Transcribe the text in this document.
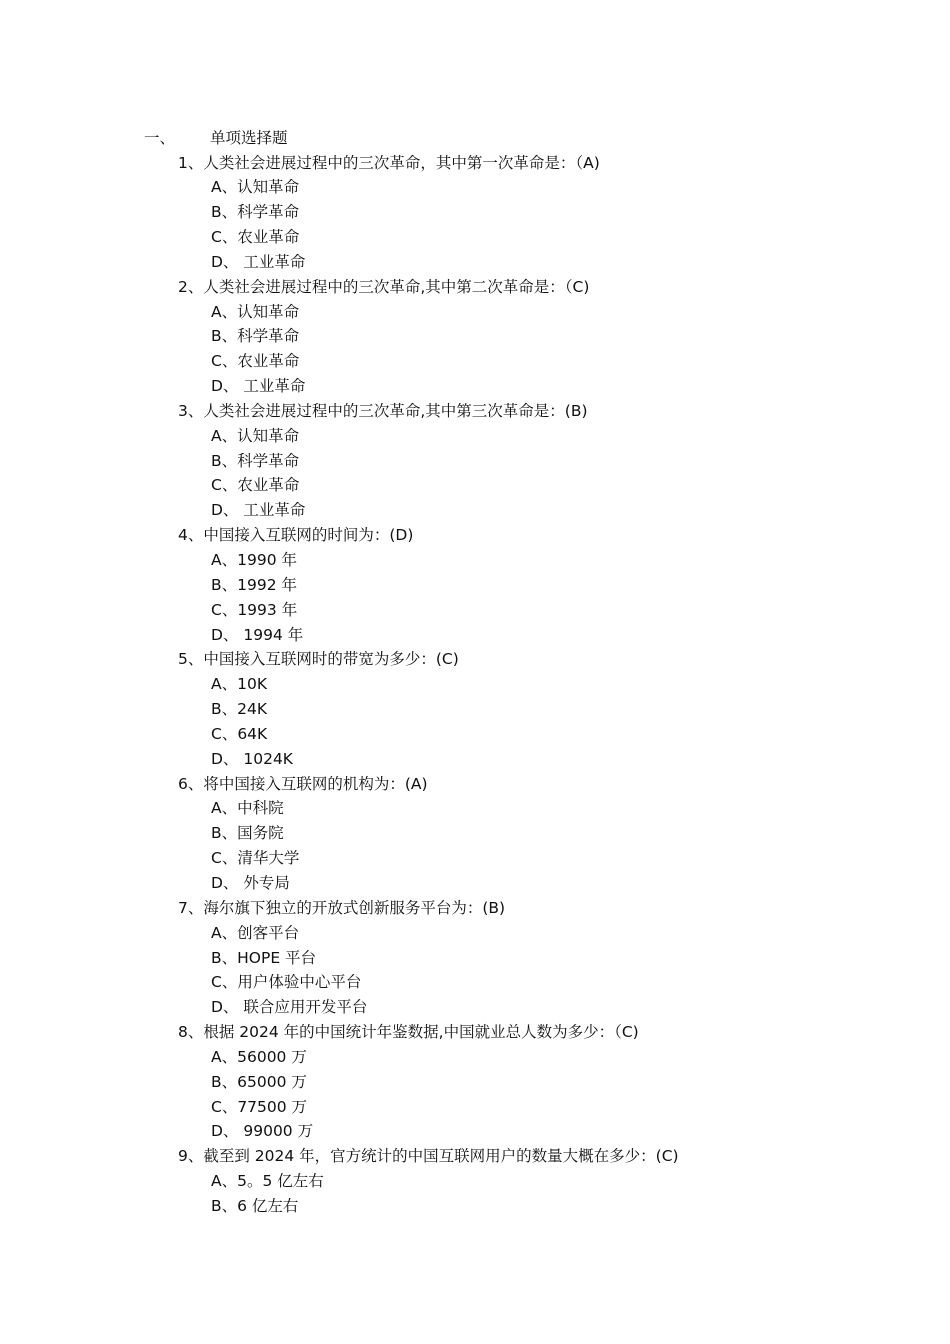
一、 单项选择题
1、人类社会进展过程中的三次革命，其中第一次革命是：（A)
A、认知革命
B、科学革命
C、农业革命
D、 工业革命
2、人类社会进展过程中的三次革命,其中第二次革命是：（C)
A、认知革命
B、科学革命
C、农业革命
D、 工业革命
3、人类社会进展过程中的三次革命,其中第三次革命是：(B)
A、认知革命
B、科学革命
C、农业革命
D、 工业革命
4、中国接入互联网的时间为：(D)
A、1990 年
B、1992 年
C、1993 年
D、 1994 年
5、中国接入互联网时的带宽为多少：(C)
A、10K
B、24K
C、64K
D、 1024K
6、将中国接入互联网的机构为：(A)
A、中科院
B、国务院
C、清华大学
D、 外专局
7、海尔旗下独立的开放式创新服务平台为：(B)
A、创客平台
B、HOPE 平台
C、用户体验中心平台
D、 联合应用开发平台
8、根据 2024 年的中国统计年鉴数据,中国就业总人数为多少：（C)
A、56000 万
B、65000 万
C、77500 万
D、 99000 万
9、截至到 2024 年，官方统计的中国互联网用户的数量大概在多少：(C)
A、5。5 亿左右
B、6 亿左右
